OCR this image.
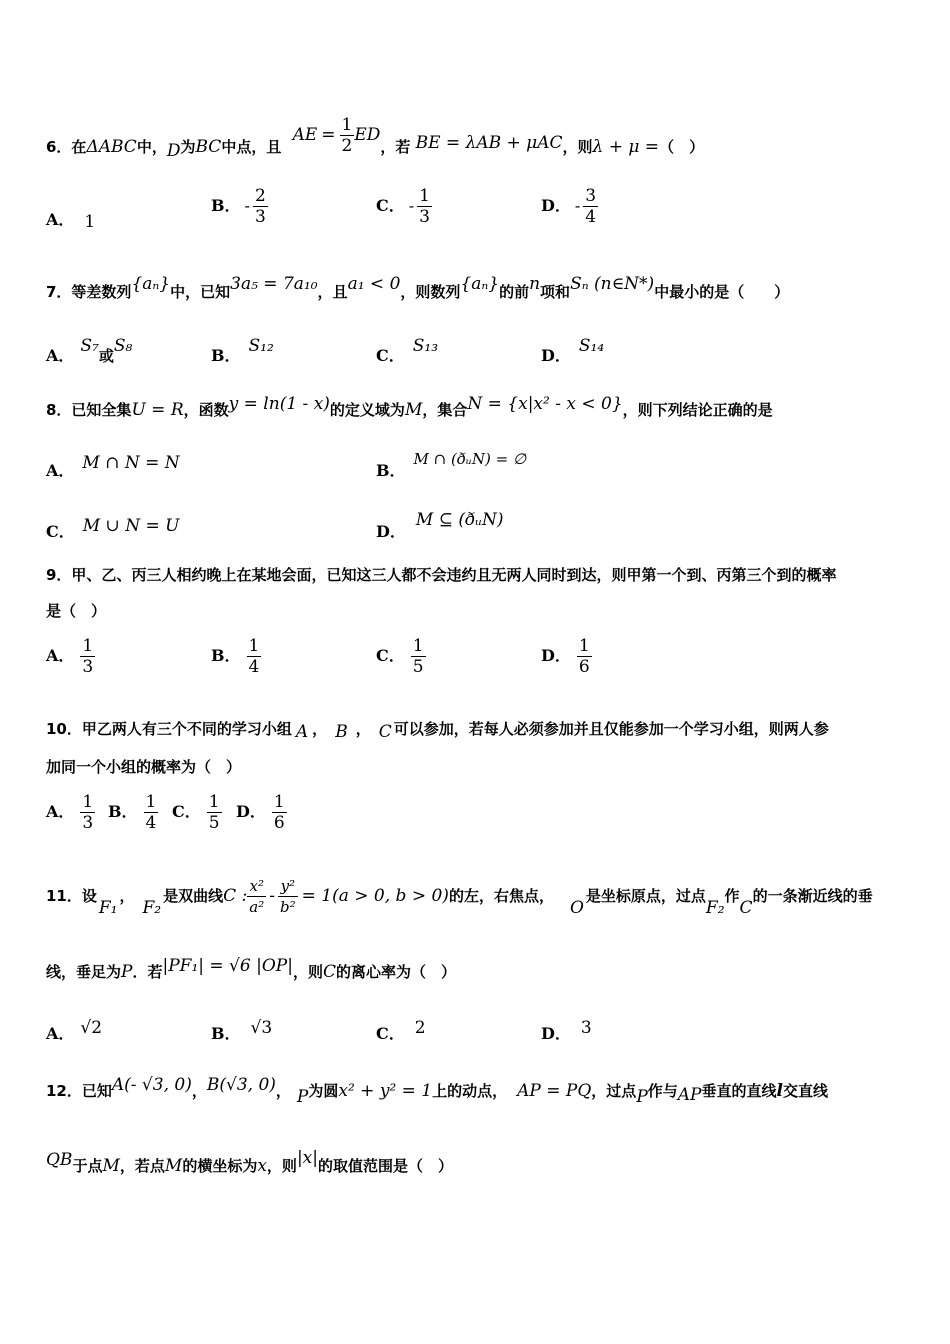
6．在ΔABC中，D为BC中点，且 AE = $\frac{1}{2}$ ED，若 BE = λAB + μAC，则λ + μ =（　）
A． 1
B． - $\frac{2}{3}$	C． - $\frac{1}{3}$	D． - $\frac{3}{4}$
7．等差数列{aₙ}中，已知3a₅ = 7a₁₀，且a₁ < 0，则数列{aₙ}的前n项和Sₙ (n∈N*)中最小的是（　　）
A． S₇或S₈	B． S₁₂	C． S₁₃	D． S₁₄
8．已知全集U = R，函数y = ln(1 - x)的定义域为M，集合N = {x|x² - x < 0}，则下列结论正确的是
A． M ∩ N = N	B．M ∩ (ðᵤN) = ∅
C． M ∪ N = U	D．M ⊆ (ðᵤN)
9．甲、乙、丙三人相约晚上在某地会面，已知这三人都不会违约且无两人同时到达，则甲第一个到、丙第三个到的概率
是（　）
A． $\frac{1}{3}$	B． $\frac{1}{4}$	C． $\frac{1}{5}$	D． $\frac{1}{6}$
10．甲乙两人有三个不同的学习小组 A ， B ， C 可以参加，若每人必须参加并且仅能参加一个学习小组，则两人参
加同一个小组的概率为（　）
A． $\frac{1}{3}$ B． $\frac{1}{4}$ C． $\frac{1}{5}$ D． $\frac{1}{6}$
11．设F₁，F₂是双曲线C : $\frac{\text{x²}}{\text{a²}} - \frac{\text{y²}}{\text{b²}} = 1(a > 0$, b > 0)的左，右焦点，O是坐标原点，过点F₂作C的一条渐近线的垂
线，垂足为P．若|PF₁| = √6 |OP|，则C的离心率为（　）
A． √2	B． √3	C． 2	D． 3
12．已知A(- √3, 0)，B(√3, 0)， P为圆x² + y² = 1上的动点， AP = PQ，过点P作与AP垂直的直线l交直线
QB于点M，若点M的横坐标为x，则|x|的取值范围是（　）
